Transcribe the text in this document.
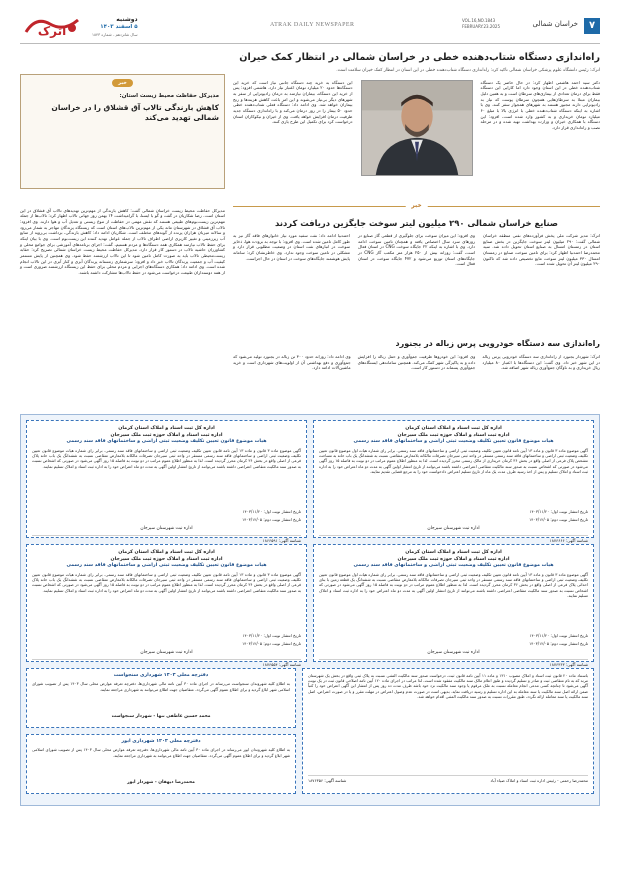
۷
خراسان شمالی
VOL.16,NO.1843
FEBRUARY.23.2025
ATRAK DAILY NEWSPAPER
دوشنبه
۵ اسفند ۱۴۰۳
سال شانزدهم - شماره ۱۸۴۳
اترک
راه‌اندازی دستگاه شتاب‌دهنده خطی در خراسان شمالی در انتظار کمک خیران
اترک: رئیس دانشگاه علوم پزشکی خراسان شمالی تاکید کرد: راه‌اندازی دستگاه شتاب‌دهنده خطی در این استان در انتظار کمک خیران سلامت است.
دکتر سید احمد هاشمی اظهار کرد: در حال حاضر یک دستگاه شتاب‌دهنده خطی در این استان وجود دارد اما کارایی این دستگاه فقط برای درمان تعدادی از بیماری‌های سرطان است و به همین دلیل بیماران مبتلا به سرطان‌هایی همچون سرطان پوست که نیاز به رادیوتراپی دارند مجبور هستند به شهرهای همجوار سفر کنند. وی با اشاره به اینکه دستگاه شتاب‌دهنده خطی با انرژی بالا با مبلغ ۶۰ میلیارد تومان خریداری و به کشور وارد شده است، افزود: این دستگاه با همکاری خیران و وزارت بهداشت تهیه شده و در مرحله نصب و راه‌اندازی قرار دارد.
این دستگاه به خرید چند دستگاه جانبی نیاز است که خرید این دستگاه‌ها حدود ۲۰ میلیارد تومان اعتبار نیاز دارد. هاشمی افزود: پس از خرید این دستگاه، بیماران نیازمند به درمان رادیوتراپی از سفر به شهرهای دیگر بی‌نیاز می‌شوند و این امر باعث کاهش هزینه‌ها و رنج بیماران خواهد شد. وی ادامه داد: دستگاه فعلی شتاب‌دهنده خطی حدود ۵۰ بیمار را در روز درمان می‌کند و با راه‌اندازی دستگاه جدید ظرفیت درمان افزایش خواهد یافت. وی از خیران و نیکوکاران استان درخواست کرد برای تکمیل این طرح یاری کنند.
خبر
مدیرکل حفاظت محیط زیست استان:
کاهش بارندگی تالاب آق قشلاق را در خراسان شمالی تهدید می‌کند
خبر
صنایع خراسان شمالی ۲۹۰ میلیون لیتر سوخت جایگزین دریافت کردند
اترک: مدیر شرکت ملی پخش فرآورده‌های نفتی منطقه خراسان شمالی گفت: ۲۹۰ میلیون لیتر سوخت جایگزین در بخش صنایع استان در زمستان امسال به صنایع استان تحویل داده شد. سید محمدرضا احمدنیا اظهار کرد: برای تامین سوخت صنایع در زمستان امسال ۳۳۰ میلیون لیتر سوخت مایع تخصیص داده شد که تاکنون ۲۹۰ میلیون لیتر آن تحویل شده است.
وی افزود: این میزان سوخت برای جلوگیری از قطعی گاز صنایع در روزهای سرد سال اختصاص یافته و همچنان تامین سوخت ادامه دارد. وی با اشاره به اینکه ۲۲ جایگاه سوخت CNG در استان فعال است، گفت: روزانه بیش از ۲۵۰ هزار متر مکعب گاز CNG در جایگاه‌های استان توزیع می‌شود و ۴۷۲ جایگاه سوخت در استان فعال است.
احمدنیا ادامه داد: نفت سفید مورد نیاز خانوارهای فاقد گاز نیز به طور کامل تامین شده است. وی افزود: با توجه به برودت هوا، ذخایر سوخت در انبارهای نفت استان در وضعیت مطلوبی قرار دارد و مشکلی در تامین سوخت وجود ندارد. وی خاطرنشان کرد: سامانه پایش هوشمند جایگاه‌های سوخت در استان در حال اجراست.
راه‌اندازی سه دستگاه خودرویی پرس زباله در بجنورد
اترک: شهردار بجنورد از راه‌اندازی سه دستگاه خودرویی پرس زباله در این شهر خبر داد. وی گفت: این دستگاه‌ها با اعتبار ۸۰ میلیارد ریال خریداری و به ناوگان جمع‌آوری زباله شهر اضافه شد.
وی افزود: این خودروها ظرفیت جمع‌آوری و حمل زباله را افزایش داده و به پاکیزگی شهر کمک می‌کند. همچنین ساماندهی ایستگاه‌های جمع‌آوری پسماند در دستور کار است.
وی ادامه داد: روزانه حدود ۳۰۰ تن زباله در بجنورد تولید می‌شود که جمع‌آوری و دفع بهداشتی آن از اولویت‌های شهرداری است و خرید ماشین‌آلات ادامه دارد.
مدیرکل حفاظت محیط زیست خراسان شمالی گفت: کاهش بارندگی از مهم‌ترین تهدیدهای تالاب آق قشلاق در این استان است. رضا شکاریان در گفت و گو با ایسنا، با گرامیداشت ۱۴ بهمن روز جهانی تالاب اظهار کرد: تالاب‌ها از جمله مهم‌ترین زیست‌بوم‌های طبیعی هستند که نقش مهمی در حفاظت از تنوع زیستی و تعدیل آب و هوا دارند. وی افزود: تالاب آق قشلاق در شهرستان مانه یکی از مهم‌ترین تالاب‌های استان است که زیستگاه پرندگان مهاجر به شمار می‌رود و سالانه میزبان هزاران پرنده از گونه‌های مختلف است. شکاریان ادامه داد: کاهش بارندگی، برداشت بی‌رویه از منابع آب زیرزمینی و تغییر کاربری اراضی اطراف تالاب از جمله عوامل تهدید کننده این زیست‌بوم است. وی با بیان اینکه برای حفظ تالاب نیازمند همکاری همه دستگاه‌ها و مردم هستیم، گفت: اجرای برنامه‌های آموزشی برای جوامع محلی و کشاورزان حاشیه تالاب در دستور کار قرار دارد. مدیرکل حفاظت محیط زیست خراسان شمالی تصریح کرد: حقابه زیست‌محیطی تالاب باید به صورت کامل تامین شود تا این تالاب ارزشمند حفظ شود. وی همچنین از پایش مستمر کیفیت آب و جمعیت پرندگان تالاب خبر داد و افزود: سرشماری زمستانه پرندگان آبزی و کنار آبزی در این تالاب انجام شده است. وی ادامه داد: همکاری دستگاه‌های اجرایی و مردم محلی برای حفظ این زیستگاه ارزشمند ضروری است و از همه دوستداران طبیعت درخواست می‌شود در حفظ تالاب‌ها مشارکت داشته باشند.
اداره کل ثبت اسناد و املاک استان کرمان
اداره ثبت اسناد و املاک حوزه ثبت ملک سیرجان
هیات موضوع قانون تعیین تکلیف وضعیت ثبتی اراضی و ساختمانهای فاقد سند رسمی
آگهی موضوع ماده ۳ قانون و ماده ۱۳ آیین نامه قانون تعیین تکلیف وضعیت ثبتی اراضی و ساختمانهای فاقد سند رسمی. برابر رای شماره هیات اول موضوع قانون تعیین تکلیف وضعیت ثبتی اراضی و ساختمانهای فاقد سند رسمی مستقر در واحد ثبتی سیرجان تصرفات مالکانه بلامعارض متقاضی نسبت به ششدانگ یک باب خانه به مساحت مشخص پلاک فرعی از اصلی واقع در بخش ۳۶ کرمان خریداری از مالک رسمی محرز گردیده است. لذا به منظور اطلاع عموم مراتب در دو نوبت به فاصله ۱۵ روز آگهی می‌شود در صورتی که اشخاص نسبت به صدور سند مالکیت متقاضی اعتراضی داشته باشند می‌توانند از تاریخ انتشار اولین آگهی به مدت دو ماه اعتراض خود را به اداره ثبت اسناد و املاک تسلیم و پس از اخذ رسید ظرف مدت یک ماه از تاریخ تسلیم اعتراض دادخواست خود را به مرجع قضایی تقدیم نمایند.
تاریخ انتشار نوبت اول: ۱۴۰۳/۱۱/۲۰
تاریخ انتشار نوبت دوم: ۱۴۰۳/۱۲/۰۵
اداره ثبت شهرستان سیرجان
شناسه آگهی: ۱۸۷۶۶۶۶
اداره کل ثبت اسناد و املاک استان کرمان
اداره ثبت اسناد و املاک حوزه ثبت ملک سیرجان
هیات موضوع قانون تعیین تکلیف وضعیت ثبتی اراضی و ساختمانهای فاقد سند رسمی
آگهی موضوع ماده ۳ قانون و ماده ۱۳ آیین نامه قانون تعیین تکلیف وضعیت ثبتی اراضی و ساختمانهای فاقد سند رسمی. برابر رای شماره هیات موضوع قانون تعیین تکلیف وضعیت ثبتی اراضی و ساختمانهای فاقد سند رسمی مستقر در واحد ثبتی سیرجان تصرفات مالکانه بلامعارض متقاضی نسبت به ششدانگ یک باب خانه پلاک فرعی از اصلی واقع در بخش ۳۶ کرمان محرز گردیده است. لذا به منظور اطلاع عموم مراتب در دو نوبت به فاصله ۱۵ روز آگهی می‌شود در صورتی که اشخاص نسبت به صدور سند مالکیت متقاضی اعتراضی داشته باشند می‌توانند از تاریخ انتشار اولین آگهی به مدت دو ماه اعتراض خود را به اداره ثبت اسناد و املاک تسلیم نمایند.
تاریخ انتشار نوبت اول: ۱۴۰۳/۱۱/۲۰
تاریخ انتشار نوبت دوم: ۱۴۰۳/۱۲/۰۵
اداره ثبت شهرستان سیرجان
شناسه آگهی: ۱۸۶۶۵۹۱
اداره کل ثبت اسناد و املاک استان کرمان
اداره ثبت اسناد و املاک حوزه ثبت ملک سیرجان
هیات موضوع قانون تعیین تکلیف وضعیت ثبتی اراضی و ساختمانهای فاقد سند رسمی
آگهی موضوع ماده ۳ قانون و ماده ۱۳ آیین نامه قانون تعیین تکلیف وضعیت ثبتی اراضی و ساختمانهای فاقد سند رسمی. برابر رای شماره هیات اول موضوع قانون تعیین تکلیف وضعیت ثبتی اراضی و ساختمانهای فاقد سند رسمی مستقر در واحد ثبتی سیرجان تصرفات مالکانه بلامعارض متقاضی نسبت به ششدانگ یک قطعه زمین با بنای احداثی پلاک فرعی از اصلی واقع در بخش ۳۶ کرمان محرز گردیده است. لذا به منظور اطلاع عموم مراتب در دو نوبت به فاصله ۱۵ روز آگهی می‌شود در صورتی که اشخاص نسبت به صدور سند مالکیت متقاضی اعتراضی داشته باشند می‌توانند از تاریخ انتشار اولین آگهی به مدت دو ماه اعتراض خود را به اداره ثبت اسناد و املاک تسلیم نمایند.
تاریخ انتشار نوبت اول: ۱۴۰۳/۱۱/۲۰
تاریخ انتشار نوبت دوم: ۱۴۰۳/۱۲/۰۵
اداره ثبت شهرستان سیرجان
شناسه آگهی: ۱۸۷۶۳۶۳
اداره کل ثبت اسناد و املاک استان کرمان
اداره ثبت اسناد و املاک حوزه ثبت ملک سیرجان
هیات موضوع قانون تعیین تکلیف وضعیت ثبتی اراضی و ساختمانهای فاقد سند رسمی
آگهی موضوع ماده ۳ قانون و ماده ۱۳ آیین نامه قانون تعیین تکلیف وضعیت ثبتی اراضی و ساختمانهای فاقد سند رسمی. برابر رای شماره هیات موضوع قانون تعیین تکلیف وضعیت ثبتی اراضی و ساختمانهای فاقد سند رسمی مستقر در واحد ثبتی سیرجان تصرفات مالکانه بلامعارض متقاضی نسبت به ششدانگ یک باب خانه پلاک فرعی از اصلی واقع در بخش ۳۶ کرمان محرز گردیده است. لذا به منظور اطلاع عموم مراتب در دو نوبت به فاصله ۱۵ روز آگهی می‌شود در صورتی که اشخاص نسبت به صدور سند مالکیت متقاضی اعتراضی داشته باشند می‌توانند از تاریخ انتشار اولین آگهی به مدت دو ماه اعتراض خود را به اداره ثبت اسناد و املاک تسلیم نمایند.
تاریخ انتشار نوبت اول: ۱۴۰۳/۱۱/۲۰
تاریخ انتشار نوبت دوم: ۱۴۰۳/۱۲/۰۵
اداره ثبت شهرستان سیرجان
شناسه آگهی: ۱۸۷۶۵۵۴
باستناد ماده ۲۰ قانون ثبت اسناد و املاک مصوب ۱۳۱۰ و ماده ۱۱ آیین نامه قانون ثبت، درخواست صدور سند مالکیت المثنی نسبت به پلاک ثبتی واقع در بخش یک شهرستان مرند که به نام متقاضی ثبت و صادر و تسلیم گردیده و طبق اعلام مالک سند مالکیت مفقود شده است، لذا مراتب در اجرای ماده ۱۲۰ آیین نامه اصلاحی قانون ثبت در یک نوبت آگهی می‌شود تا چنانچه کسی مدعی انجام معامله نسبت به ملک مرقوم یا وجود سند مالکیت نزد خود باشد ظرف مدت ده روز پس از انتشار این آگهی اعتراض خود را کتباً ضمن ارائه اصل سند مالکیت یا سند معامله به این اداره تسلیم و رسید دریافت نماید. بدیهی است در صورت عدم وصول اعتراض در مهلت مقرر و یا در صورت اعتراض، اصل سند مالکیت یا سند معامله ارائه نگردد، طبق مقررات نسبت به صدور سند مالکیت المثنی اقدام خواهد شد.
محمدرضا رحمتی - رئیس اداره ثبت اسناد و املاک ضیاء آباد
شناسه آگهی: ۱۸۷۶۳۵۶
دفترچه معلی ۱۴۰۳ شهرداری سنجواست
به اطلاع کلیه شهروندان سنجواست می‌رساند در اجرای ماده ۳۰ آیین نامه مالی شهرداری‌ها، دفترچه تعرفه عوارض محلی سال ۱۴۰۳ پس از تصویب شورای اسلامی شهر ابلاغ گردید و برای اطلاع عموم آگهی می‌گردد. متقاضیان جهت اطلاع می‌توانند به شهرداری مراجعه نمایند.
محمد حسین عاطفی تنها - شهردار سنجواست
دفترچه معلی ۱۴۰۳ شهرداری ایور
به اطلاع کلیه شهروندان ایور می‌رساند در اجرای ماده ۳۰ آیین نامه مالی شهرداری‌ها، دفترچه تعرفه عوارض محلی سال ۱۴۰۳ پس از تصویب شورای اسلامی شهر ابلاغ گردید و برای اطلاع عموم آگهی می‌گردد. متقاضیان جهت اطلاع می‌توانند به شهرداری مراجعه نمایند.
محمدرضا دیهقان - شهردار ایور
